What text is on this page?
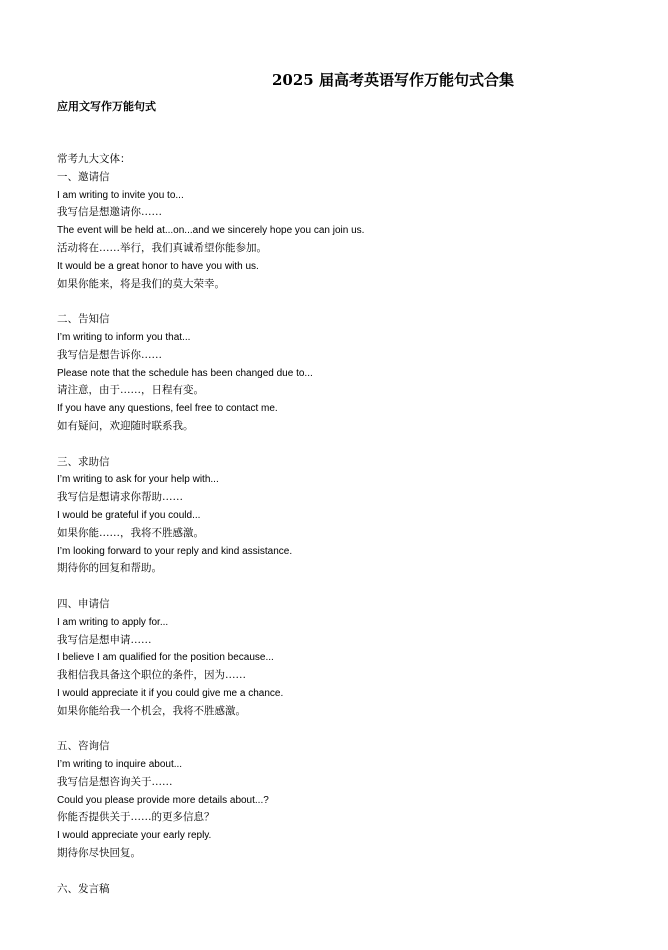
2025 届高考英语写作万能句式合集
应用文写作万能句式
常考九大文体：
一、邀请信
I am writing to invite you to...
我写信是想邀请你……
The event will be held at...on...and we sincerely hope you can join us.
活动将在……举行，我们真诚希望你能参加。
It would be a great honor to have you with us.
如果你能来，将是我们的莫大荣幸。
二、告知信
I’m writing to inform you that...
我写信是想告诉你……
Please note that the schedule has been changed due to...
请注意，由于……，日程有变。
If you have any questions, feel free to contact me.
如有疑问，欢迎随时联系我。
三、求助信
I’m writing to ask for your help with...
我写信是想请求你帮助……
I would be grateful if you could...
如果你能……，我将不胜感激。
I’m looking forward to your reply and kind assistance.
期待你的回复和帮助。
四、申请信
I am writing to apply for...
我写信是想申请……
I believe I am qualified for the position because...
我相信我具备这个职位的条件，因为……
I would appreciate it if you could give me a chance.
如果你能给我一个机会，我将不胜感激。
五、咨询信
I’m writing to inquire about...
我写信是想咨询关于……
Could you please provide more details about...?
你能否提供关于……的更多信息？
I would appreciate your early reply.
期待你尽快回复。
六、发言稿
